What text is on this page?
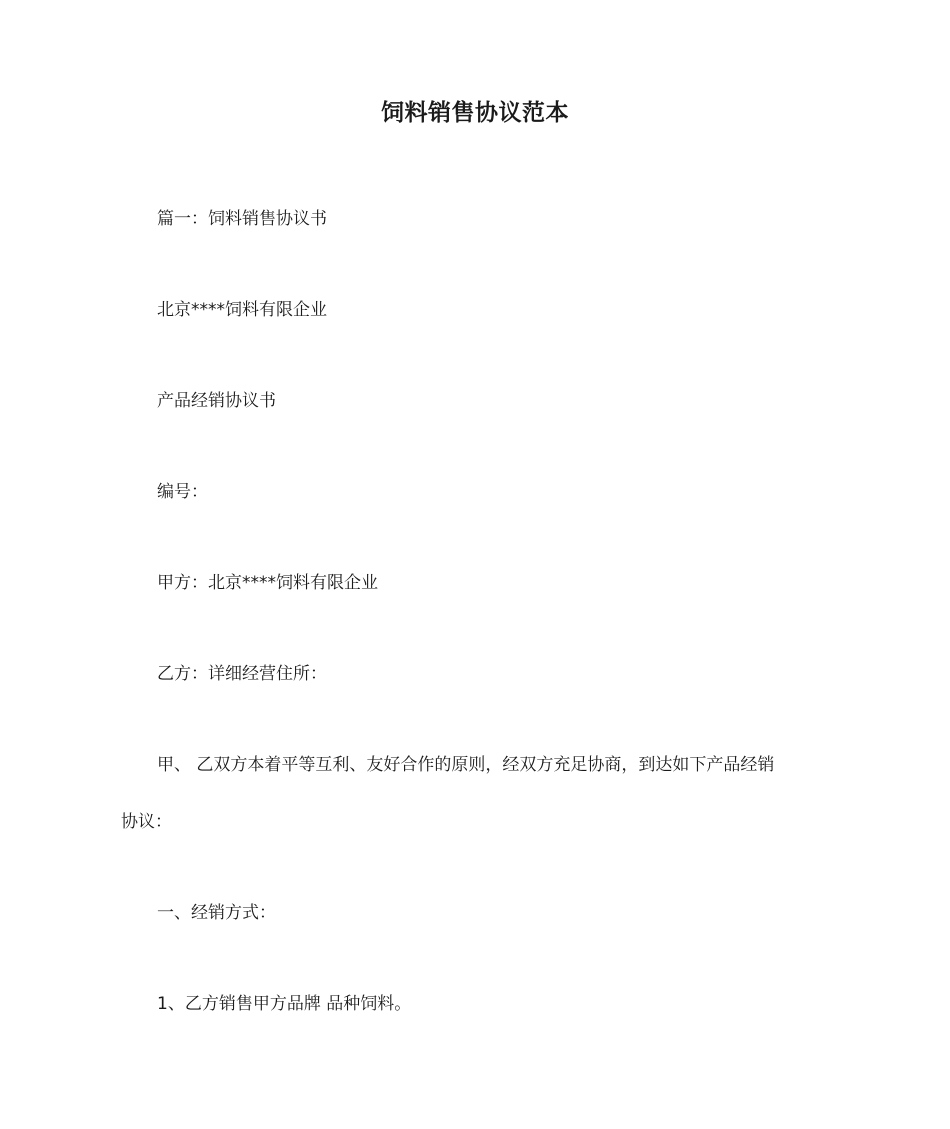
饲料销售协议范本
篇一：饲料销售协议书
北京****饲料有限企业
产品经销协议书
编号：
甲方：北京****饲料有限企业
乙方：详细经营住所：
甲、 乙双方本着平等互利、友好合作的原则，经双方充足协商，到达如下产品经销
协议：
一、经销方式：
1、乙方销售甲方品牌 品种饲料。
